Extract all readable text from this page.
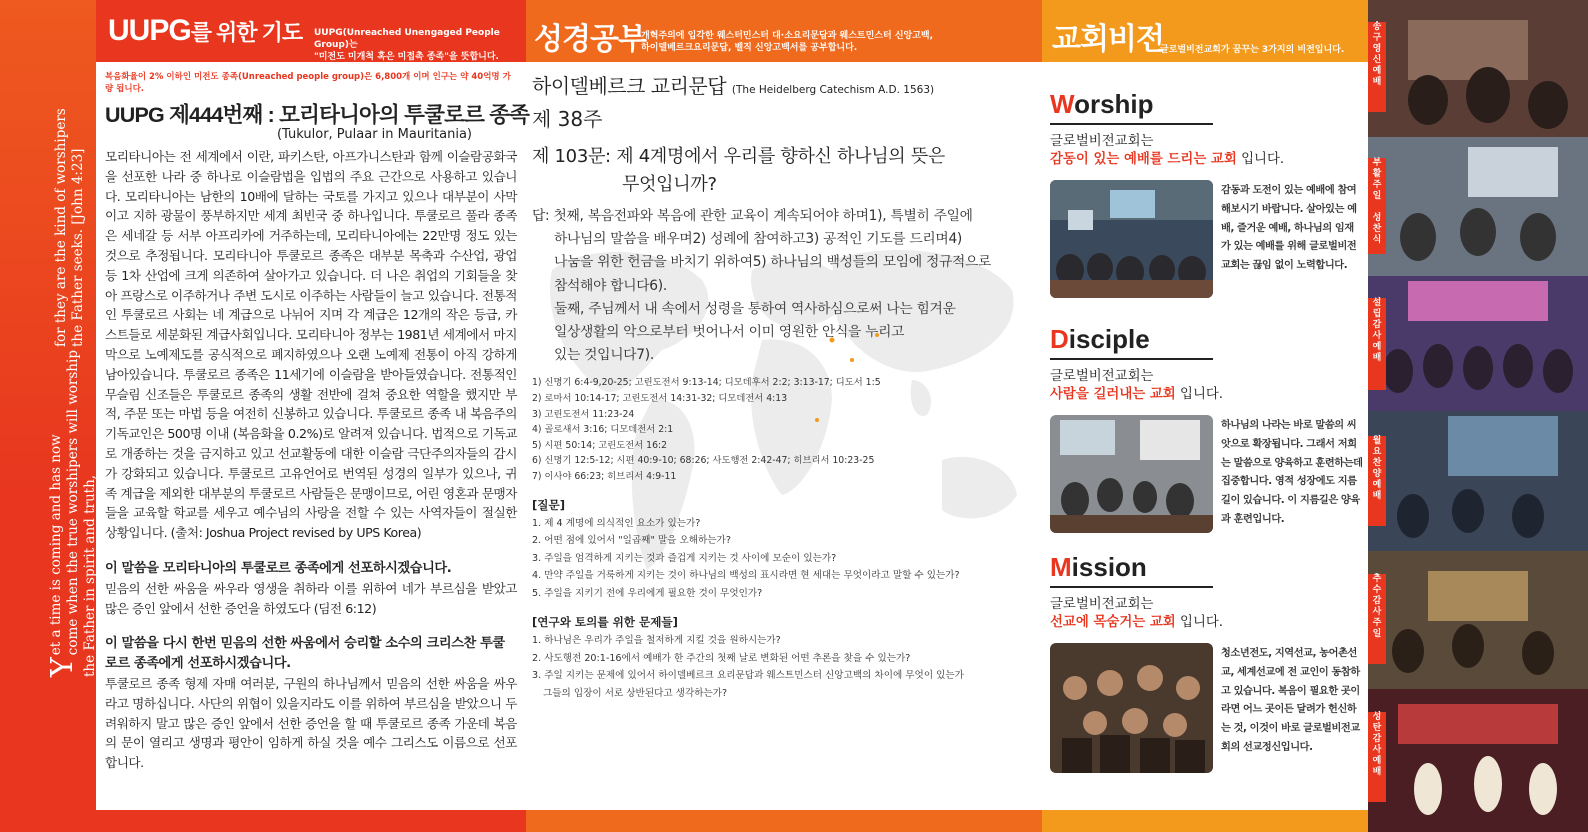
Y
et a time is coming and has now
come when the true worshipers will worship
the Father in spirit and truth,
for they are the kind of worshipers
the Father seeks. [John 4:23]
UUPG를 위한 기도 UUPG(Unreached Unengaged People Group)는
"미전도 미개척 혹은 미접촉 종족"을 뜻합니다.
성경공부
개혁주의에 입각한 웨스터민스터 대·소요리문답과 웨스트민스터 신앙고백,
하이델베르크요리문답, 벨직 신앙고백서를 공부합니다.	교회비전
글로벌비전교회가 꿈꾸는 3가지의 비전입니다.
복음화율이 2% 이하인 미전도 종족(Unreached people group)은 6,800개 이며 인구는 약 40억명 가량 됩니다.
UUPG 제444번째 : 모리타니아의 투쿨로르 종족
(Tukulor, Pulaar in Mauritania)
모리타니아는 전 세계에서 이란, 파키스탄, 아프가니스탄과 함께 이슬람공화국을 선포한 나라 중 하나로 이슬람법을 입법의 주요 근간으로 사용하고 있습니다. 모리타니아는 남한의 10배에 달하는 국토를 가지고 있으나 대부분이 사막이고 지하 광물이 풍부하지만 세계 최빈국 중 하나입니다. 투쿨로르 풀라 종족은 세네갈 등 서부 아프리카에 거주하는데, 모리타니아에는 22만명 정도 있는 것으로 추정됩니다. 모리타니아 투쿨로르 종족은 대부분 목축과 수산업, 광업 등 1차 산업에 크게 의존하여 살아가고 있습니다. 더 나은 취업의 기회들을 찾아 프랑스로 이주하거나 주변 도시로 이주하는 사람들이 늘고 있습니다. 전통적인 투쿨로르 사회는 네 계급으로 나뉘어 지며 각 계급은 12개의 작은 등급, 카스트들로 세분화된 계급사회입니다. 모리타니아 정부는 1981년 세계에서 마지막으로 노예제도를 공식적으로 폐지하였으나 오랜 노예제 전통이 아직 강하게 남아있습니다. 투쿨로르 종족은 11세기에 이슬람을 받아들였습니다. 전통적인 무슬림 신조들은 투쿨로르 종족의 생활 전반에 걸쳐 중요한 역할을 했지만 부적, 주문 또는 마법 등을 여전히 신봉하고 있습니다. 투쿨로르 종족 내 복음주의 기독교인은 500명 이내 (복음화율 0.2%)로 알려져 있습니다. 법적으로 기독교로 개종하는 것을 금지하고 있고 선교활동에 대한 이슬람 극단주의자들의 감시가 강화되고 있습니다. 투쿨로르 고유언어로 번역된 성경의 일부가 있으나, 귀족 계급을 제외한 대부분의 투쿨로르 사람들은 문맹이므로, 어린 영혼과 문맹자들을 교육할 학교를 세우고 예수님의 사랑을 전할 수 있는 사역자들이 절실한 상황입니다. (출처: Joshua Project revised by UPS Korea)
이 말씀을 모리타니아의 투쿨로르 종족에게 선포하시겠습니다.
믿음의 선한 싸움을 싸우라 영생을 취하라 이를 위하여 네가 부르심을 받았고 많은 증인 앞에서 선한 증언을 하였도다 (딤전 6:12)
이 말씀을 다시 한번 믿음의 선한 싸움에서 승리할 소수의 크리스찬 투쿨로르 종족에게 선포하시겠습니다.
투쿨로르 종족 형제 자매 여러분, 구원의 하나님께서 믿음의 선한 싸움을 싸우라고 명하십니다. 사단의 위협이 있을지라도 이를 위하여 부르심을 받았으니 두려워하지 말고 많은 증인 앞에서 선한 증언을 할 때 투쿨로르 종족 가운데 복음의 문이 열리고 생명과 평안이 임하게 하실 것을 예수 그리스도 이름으로 선포합니다.
하이델베르크 교리문답 (The Heidelberg Catechism A.D. 1563)
제 38주
제 103문: 제 4계명에서 우리를 향하신 하나님의 뜻은
무엇입니까?
답: 첫째, 복음전파와 복음에 관한 교육이 계속되어야 하며1), 특별히 주일에
하나님의 말씀을 배우며2) 성례에 참여하고3) 공적인 기도를 드리며4)
나눔을 위한 헌금을 바치기 위하여5) 하나님의 백성들의 모임에 정규적으로
참석해야 합니다6).
둘째, 주님께서 내 속에서 성령을 통하여 역사하심으로써 나는 힘겨운
일상생활의 악으로부터 벗어나서 이미 영원한 안식을 누리고
있는 것입니다7).
1) 신명기 6:4-9,20-25; 고린도전서 9:13-14; 디모데후서 2:2; 3:13-17; 디도서 1:5
2) 로마서 10:14-17; 고린도전서 14:31-32; 디모데전서 4:13
3) 고린도전서 11:23-24
4) 골로새서 3:16; 디모데전서 2:1
5) 시편 50:14; 고린도전서 16:2
6) 신명기 12:5-12; 시편 40:9-10; 68:26; 사도행전 2:42-47; 히브리서 10:23-25
7) 이사야 66:23; 히브리서 4:9-11
[질문]
1. 제 4 계명에 의식적인 요소가 있는가?
2. 어떤 점에 있어서 "일곱째" 말을 오해하는가?
3. 주일을 엄격하게 지키는 것과 즐겁게 지키는 것 사이에 모순이 있는가?
4. 만약 주일을 거룩하게 지키는 것이 하나님의 백성의 표시라면 현 세대는 무엇이라고 말할 수 있는가?
5. 주일을 지키기 전에 우리에게 필요한 것이 무엇인가?
[연구와 토의를 위한 문제들]
1. 하나님은 우리가 주일을 철저하게 지킬 것을 원하시는가?
2. 사도행전 20:1-16에서 예배가 한 주간의 첫째 날로 변화된 어떤 추론을 찾을 수 있는가?
3. 주일 지키는 문제에 있어서 하이델베르크 요리문답과 웨스트민스터 신앙고백의 차이에 무엇이 있는가
그들의 입장이 서로 상반된다고 생각하는가?
Worship
글로벌비전교회는
감동이 있는 예배를 드리는 교회 입니다.
감동과 도전이 있는 예배에 참여해보시기 바랍니다. 살아있는 예배, 즐거운 예배, 하나님의 임재가 있는 예배를 위해 글로벌비전교회는 끊임 없이 노력합니다.
Disciple
글로벌비전교회는
사람을 길러내는 교회 입니다.
하나님의 나라는 바로 말씀의 씨앗으로 확장됩니다. 그래서 저희는 말씀으로 양육하고 훈련하는데 집중합니다. 영적 성장에도 지름길이 있습니다. 이 지름길은 양육과 훈련입니다.
Mission
글로벌비전교회는
선교에 목숨거는 교회 입니다.
청소년전도, 지역선교, 농어촌선교, 세계선교에 전 교인이 동참하고 있습니다. 복음이 필요한 곳이라면 어느 곳이든 달려가 헌신하는 것, 이것이 바로 글로벌비전교회의 선교정신입니다.
송
구
영
신
예
배
부
활
주
일

성
찬
식
설
립
감
사
예
배
월
요
찬
양
예
배
추
수
감
사
주
일
성
탄
감
사
예
배
